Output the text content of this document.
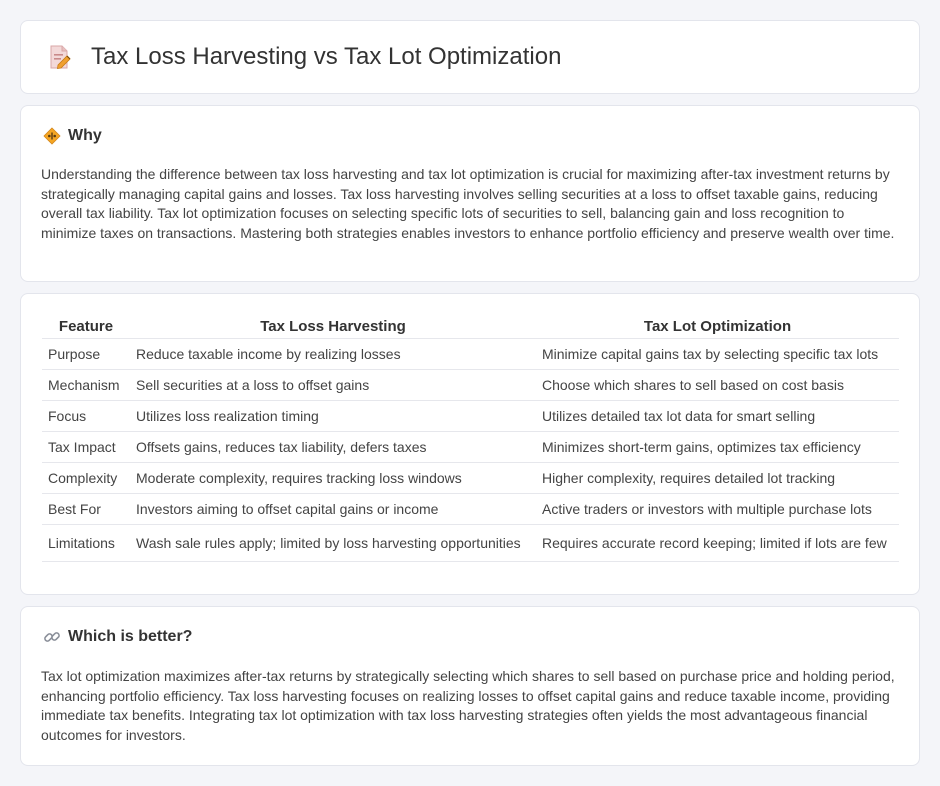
Tax Loss Harvesting vs Tax Lot Optimization
Why

Understanding the difference between tax loss harvesting and tax lot optimization is crucial for maximizing after-tax investment returns by strategically managing capital gains and losses. Tax loss harvesting involves selling securities at a loss to offset taxable gains, reducing overall tax liability. Tax lot optimization focuses on selecting specific lots of securities to sell, balancing gain and loss recognition to minimize taxes on transactions. Mastering both strategies enables investors to enhance portfolio efficiency and preserve wealth over time.

Feature	Tax Loss Harvesting	Tax Lot Optimization
Purpose	Reduce taxable income by realizing losses	Minimize capital gains tax by selecting specific tax lots
Mechanism	Sell securities at a loss to offset gains	Choose which shares to sell based on cost basis
Focus	Utilizes loss realization timing	Utilizes detailed tax lot data for smart selling
Tax Impact	Offsets gains, reduces tax liability, defers taxes	Minimizes short-term gains, optimizes tax efficiency
Complexity	Moderate complexity, requires tracking loss windows	Higher complexity, requires detailed lot tracking
Best For	Investors aiming to offset capital gains or income	Active traders or investors with multiple purchase lots
Limitations	Wash sale rules apply; limited by loss harvesting opportunities	Requires accurate record keeping; limited if lots are few
Which is better?

Tax lot optimization maximizes after-tax returns by strategically selecting which shares to sell based on purchase price and holding period, enhancing portfolio efficiency. Tax loss harvesting focuses on realizing losses to offset capital gains and reduce taxable income, providing immediate tax benefits. Integrating tax lot optimization with tax loss harvesting strategies often yields the most advantageous financial outcomes for investors.
